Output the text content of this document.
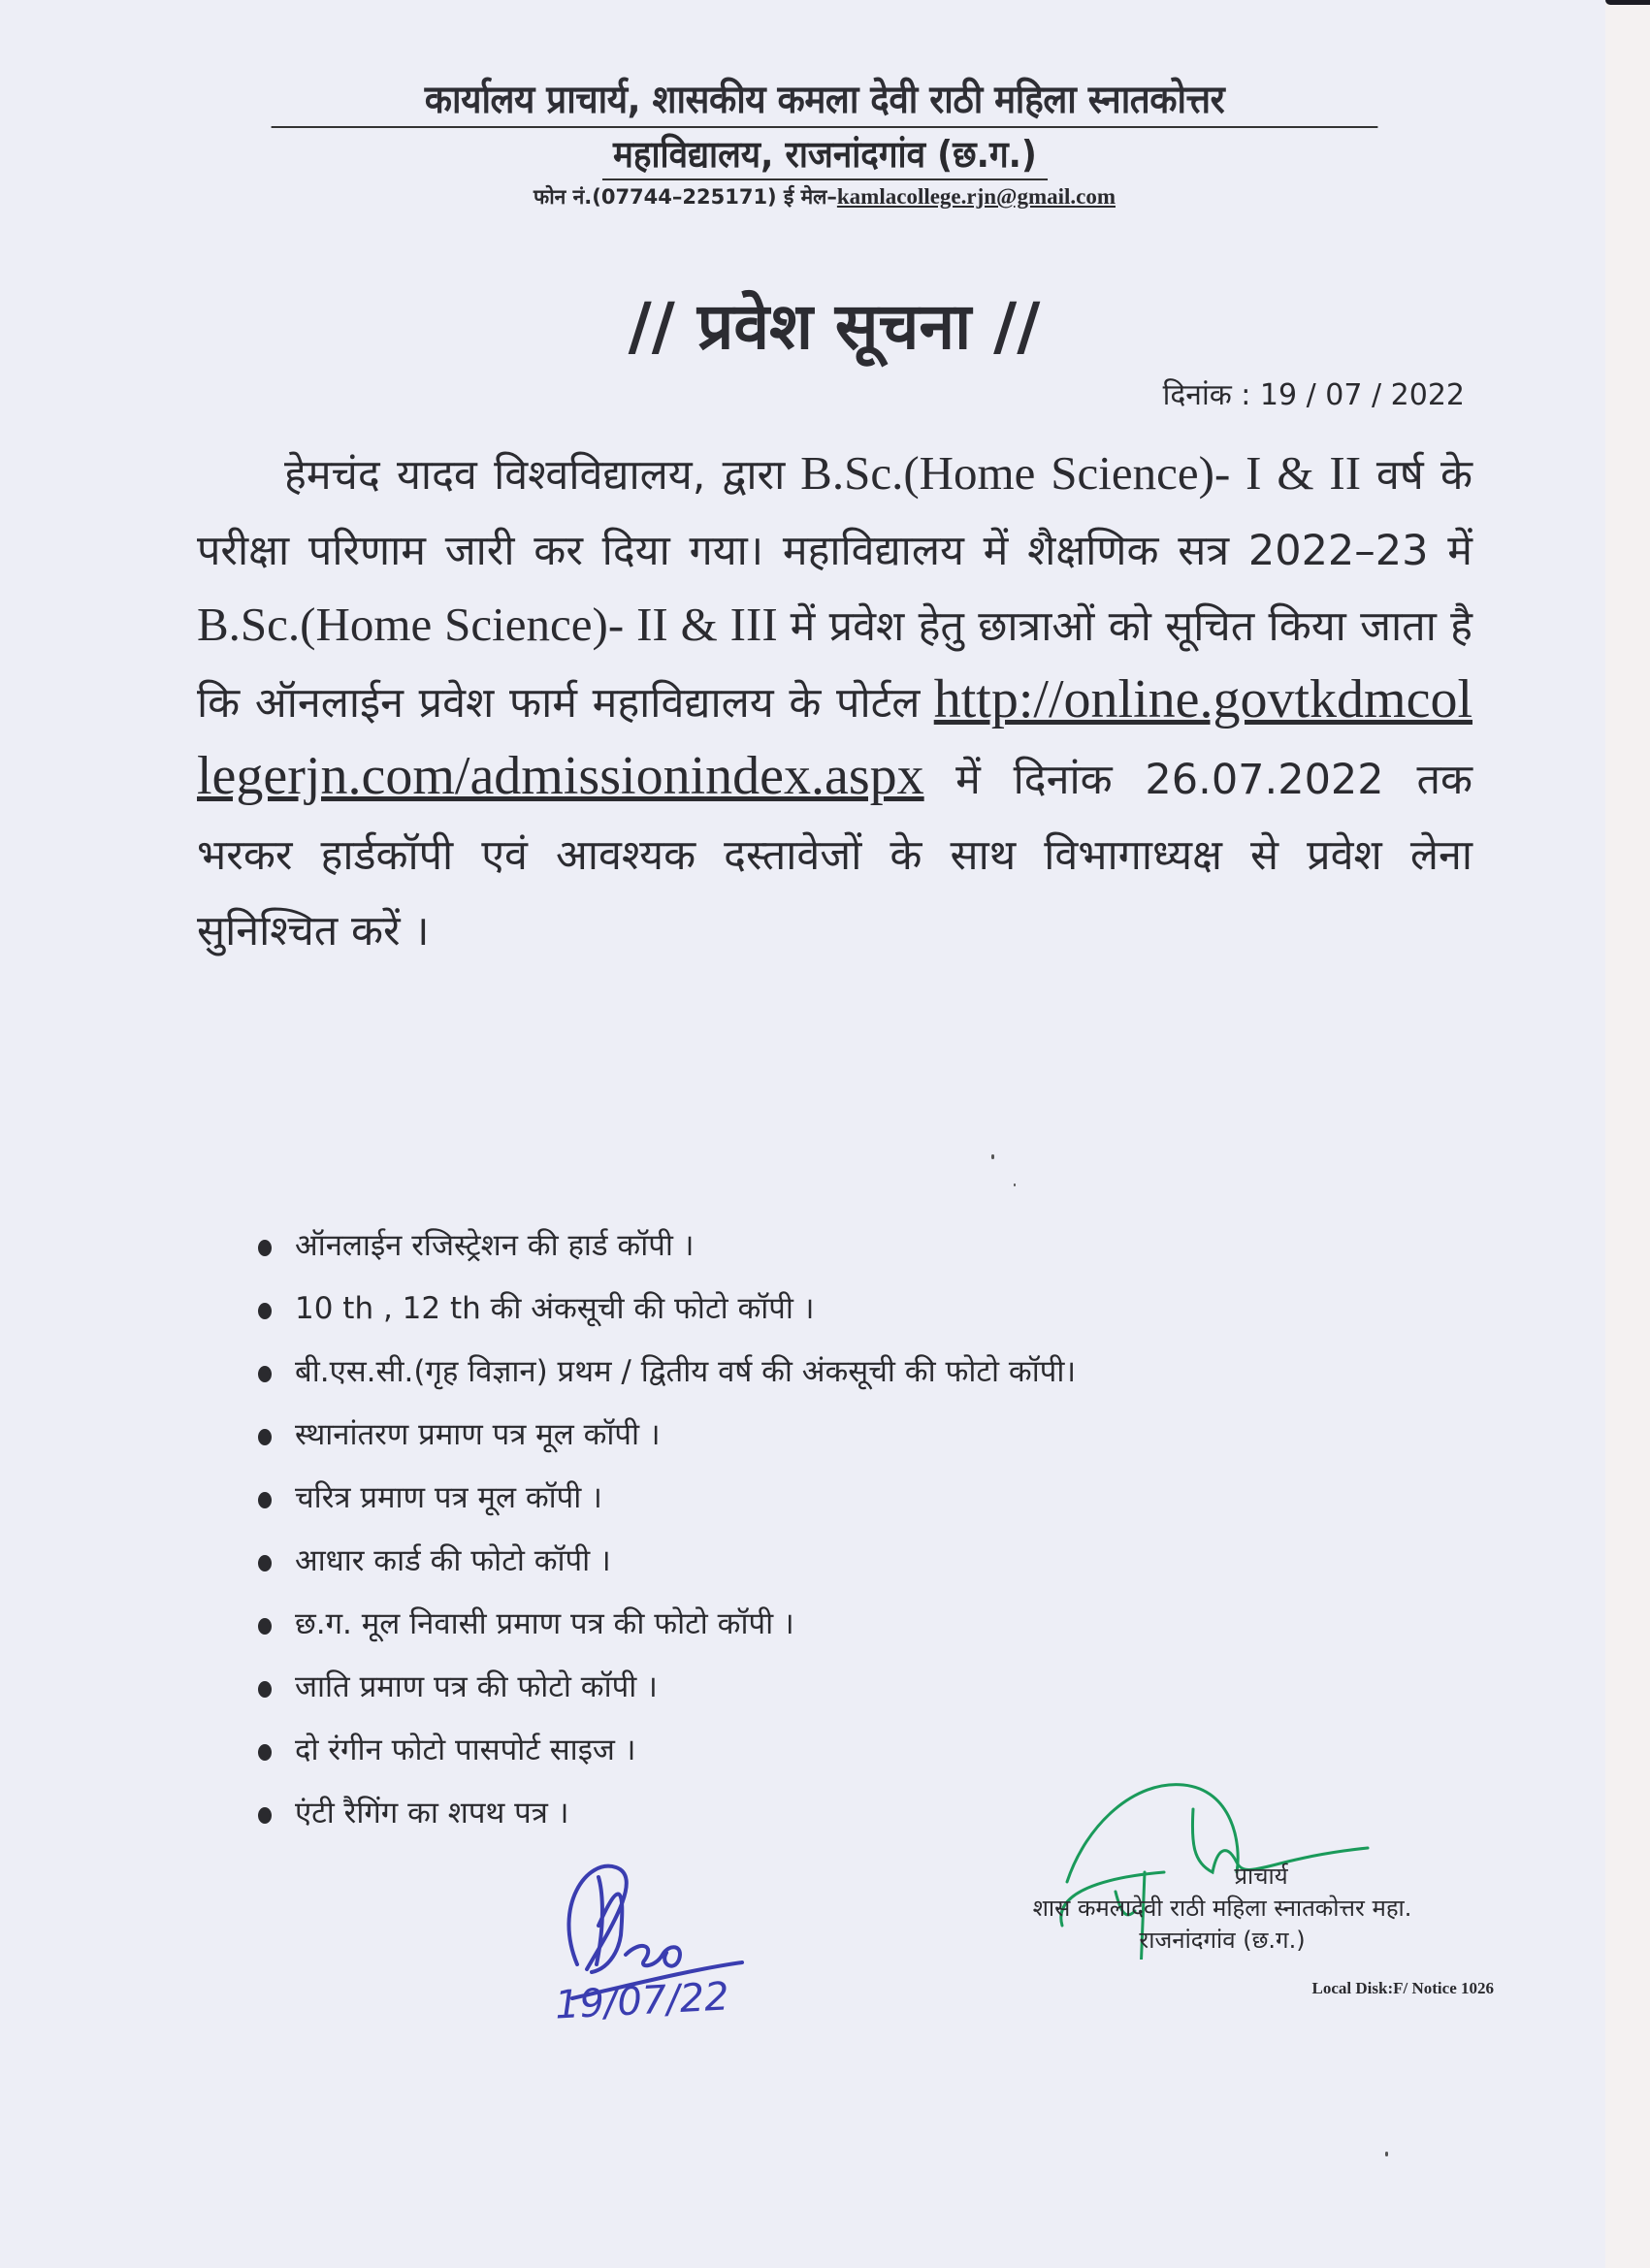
कार्यालय प्राचार्य, शासकीय कमला देवी राठी महिला स्नातकोत्तर
महाविद्यालय, राजनांदगांव (छ.ग.)
फोन नं.(07744–225171) ई मेल–kamlacollege.rjn@gmail.com
// प्रवेश सूचना //
दिनांक : 19 / 07 / 2022
हेमचंद यादव विश्वविद्यालय, द्वारा B.Sc.(Home Science)- I & II वर्ष के परीक्षा परिणाम जारी कर दिया गया। महाविद्यालय में शैक्षणिक सत्र 2022–23 में B.Sc.(Home Science)- II & III में प्रवेश हेतु छात्राओं को सूचित किया जाता है कि ऑनलाईन प्रवेश फार्म महाविद्यालय के पोर्टल http://online.govtkdmcollegerjn.com/admissionindex.aspx में दिनांक 26.07.2022 तक भरकर हार्डकॉपी एवं आवश्यक दस्तावेजों के साथ विभागाध्यक्ष से प्रवेश लेना सुनिश्चित करें ।
ऑनलाईन रजिस्ट्रेशन की हार्ड कॉपी ।
10 th , 12 th की अंकसूची की फोटो कॉपी ।
बी.एस.सी.(गृह विज्ञान) प्रथम / द्वितीय वर्ष की अंकसूची की फोटो कॉपी।
स्थानांतरण प्रमाण पत्र मूल कॉपी ।
चरित्र प्रमाण पत्र मूल कॉपी ।
आधार कार्ड की फोटो कॉपी ।
छ.ग. मूल निवासी प्रमाण पत्र की फोटो कॉपी ।
जाति प्रमाण पत्र की फोटो कॉपी ।
दो रंगीन फोटो पासपोर्ट साइज ।
एंटी रैगिंग का शपथ पत्र ।
19/07/22
प्राचार्य
शास कमलादेवी राठी महिला स्नातकोत्तर महा.
राजनांदगांव (छ.ग.)
Local Disk:F/ Notice 1026
